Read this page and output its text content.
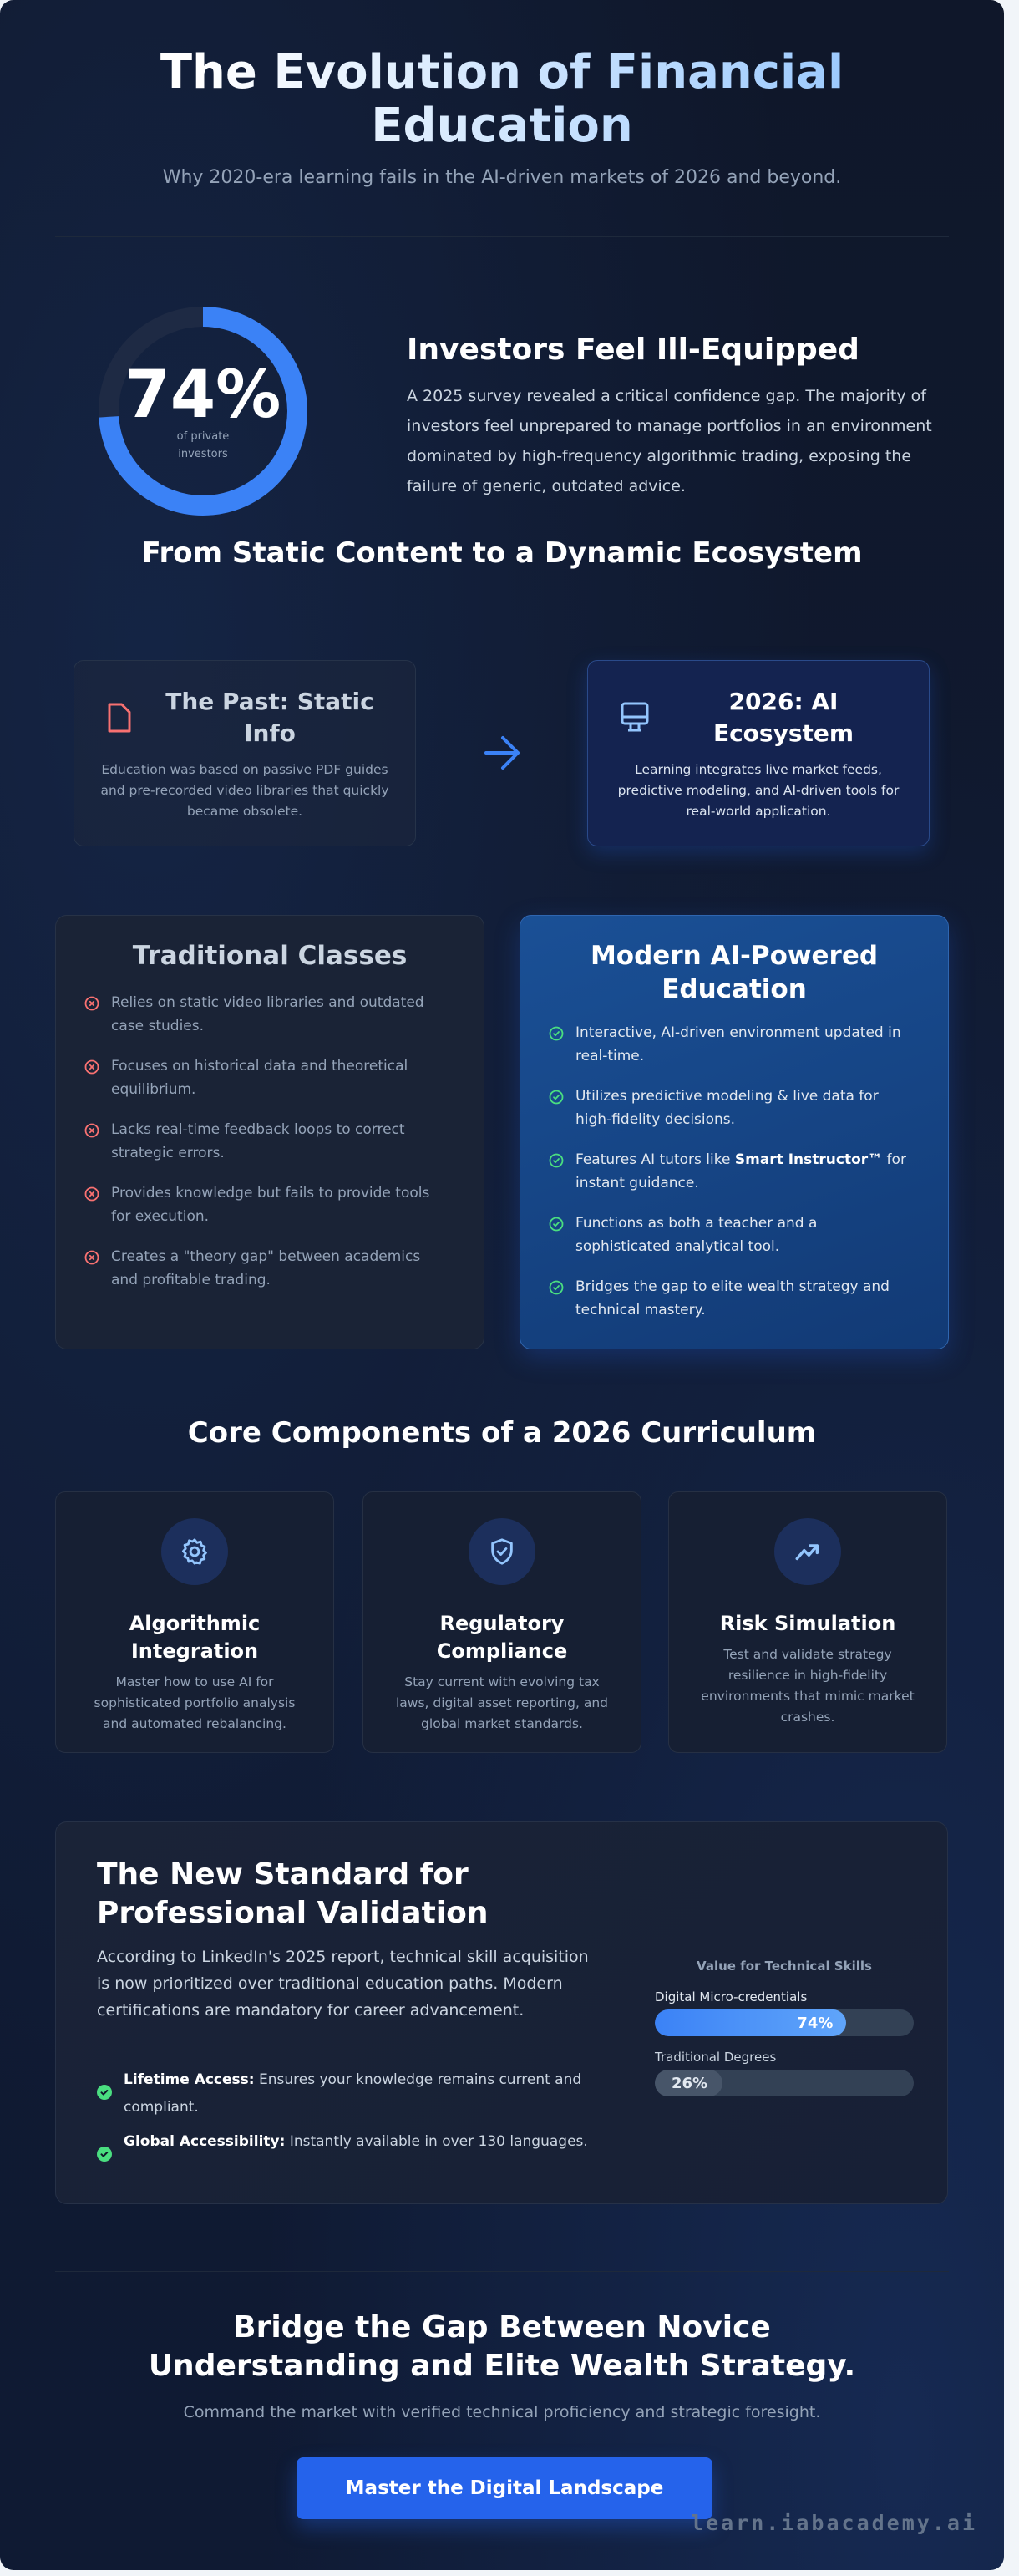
The Evolution of Financial Education

Why 2020-era learning fails in the AI-driven markets of 2026 and beyond.

74%
of private investors
Investors Feel Ill-Equipped

A 2025 survey revealed a critical confidence gap. The majority of investors feel unprepared to manage portfolios in an environment dominated by high-frequency algorithmic trading, exposing the failure of generic, outdated advice.

From Static Content to a Dynamic Ecosystem
The Past: Static Info

Education was based on passive PDF guides and pre-recorded video libraries that quickly became obsolete.

2026: AI Ecosystem

Learning integrates live market feeds, predictive modeling, and AI-driven tools for real-world application.

Traditional Classes
Relies on static video libraries and outdated case studies.
Focuses on historical data and theoretical equilibrium.
Lacks real-time feedback loops to correct strategic errors.
Provides knowledge but fails to provide tools for execution.
Creates a "theory gap" between academics and profitable trading.
Modern AI-Powered Education
Interactive, AI-driven environment updated in real-time.
Utilizes predictive modeling & live data for high-fidelity decisions.
Features AI tutors like Smart Instructor™ for instant guidance.
Functions as both a teacher and a sophisticated analytical tool.
Bridges the gap to elite wealth strategy and technical mastery.
Core Components of a 2026 Curriculum
Algorithmic Integration

Master how to use AI for sophisticated portfolio analysis and automated rebalancing.

Regulatory Compliance

Stay current with evolving tax laws, digital asset reporting, and global market standards.

Risk Simulation

Test and validate strategy resilience in high-fidelity environments that mimic market crashes.

The New Standard for Professional Validation

According to LinkedIn's 2025 report, technical skill acquisition is now prioritized over traditional education paths. Modern certifications are mandatory for career advancement.

Lifetime Access: Ensures your knowledge remains current and compliant.
Global Accessibility: Instantly available in over 130 languages.
Value for Technical Skills
Digital Micro-credentials
74%
Traditional Degrees
26%
Bridge the Gap Between Novice Understanding and Elite Wealth Strategy.

Command the market with verified technical proficiency and strategic foresight.

Master the Digital Landscape
learn.iabacademy.ai
